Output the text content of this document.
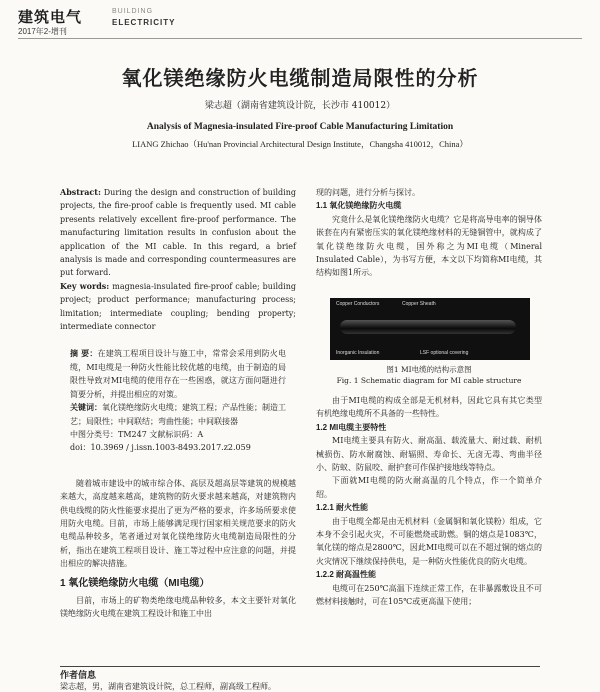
建筑电气	BUILDING
ELECTRICITY
2017年2-增刊
氧化镁绝缘防火电缆制造局限性的分析
梁志超（湖南省建筑设计院，长沙市 410012）
Analysis of Magnesia-insulated Fire-proof Cable Manufacturing Limitation
LIANG Zhichao（Hu'nan Provincial Architectural Design Institute，Changsha 410012，China）

Abstract: During the design and construction of building projects, the fire-proof cable is frequently used. MI cable presents relatively excellent fire-proof performance. The manufacturing limitation results in confusion about the application of the MI cable. In this regard, a brief analysis is made and corresponding countermeasures are put forward.

Key words: magnesia-insulated fire-proof cable; building project; product performance; manufacturing process; limitation; intermediate coupling; bending property; intermediate connector

摘 要：在建筑工程项目设计与施工中，常常会采用到防火电缆，MI电缆是一种防火性能比较优越的电缆，由于制造的局限性导致对MI电缆的使用存在一些困惑，就这方面问题进行简要分析，并提出相应的对策。

关键词：氧化镁绝缘防火电缆；建筑工程；产品性能；制造工艺；局限性；中间联结；弯曲性能；中间联接器

中图分类号：TM247 文献标识码：A

doi：10.3969 / j.issn.1003-8493.2017.z2.059

随着城市建设中的城市综合体、高层及超高层等建筑的规模越来越大，高度越来越高，建筑物的防火要求越来越高，对建筑物内供电线缆的防火性能要求提出了更为严格的要求，许多场所要求使用防火电缆。目前，市场上能够满足现行国家相关规范要求的防火电缆品种较多，笔者通过对氧化镁绝缘防火电缆制造局限性的分析，指出在建筑工程项目设计、施工等过程中应注意的问题，并提出相应的解决措施。

1 氧化镁绝缘防火电缆（MI电缆）

目前，市场上的矿物类绝缘电缆品种较多，本文主要针对氧化镁绝缘防火电缆在建筑工程设计和施工中出

现的问题，进行分析与探讨。

1.1 氧化镁绝缘防火电缆

究竟什么是氧化镁绝缘防火电缆？它是将高导电率的铜导体嵌套在内有紧密压实的氧化镁绝缘材料的无缝铜管中，就构成了氧化镁绝缘防火电缆，国外称之为MI电缆（Mineral Insulated Cable），为书写方便，本文以下均简称MI电缆，其结构如图1所示。

Copper Conductors	Copper Sheath
Inorganic Insulation	LSF optional covering
图1 MI电缆的结构示意图
Fig. 1 Schematic diagram for MI cable structure

由于MI电缆的构成全部是无机材料，因此它具有其它类型有机绝缘电缆所不具备的一些特性。

1.2 MI电缆主要特性

MI电缆主要具有防火、耐高温、载流量大、耐过载、耐机械损伤、防水耐腐蚀、耐辐照、寿命长、无卤无毒、弯曲半径小、防蚁、防鼠咬、耐护套可作保护接地线等特点。

下面就MI电缆的防火耐高温的几个特点，作一个简单介绍。

1.2.1 耐火性能

由于电缆全都是由无机材料（金属铜和氧化镁粉）组成，它本身不会引起火灾，不可能燃烧或助燃。铜的熔点是1083℃，氧化镁的熔点是2800℃，因此MI电缆可以在不超过铜的熔点的火灾情况下继续保持供电，是一种防火性能优良的防火电缆。

1.2.2 耐高温性能

电缆可在250℃高温下连续正常工作，在非暴露敷设且不可燃材料接触时，可在105℃或更高温下使用；

作者信息
梁志超，男，湖南省建筑设计院，总工程师，副高级工程师。
